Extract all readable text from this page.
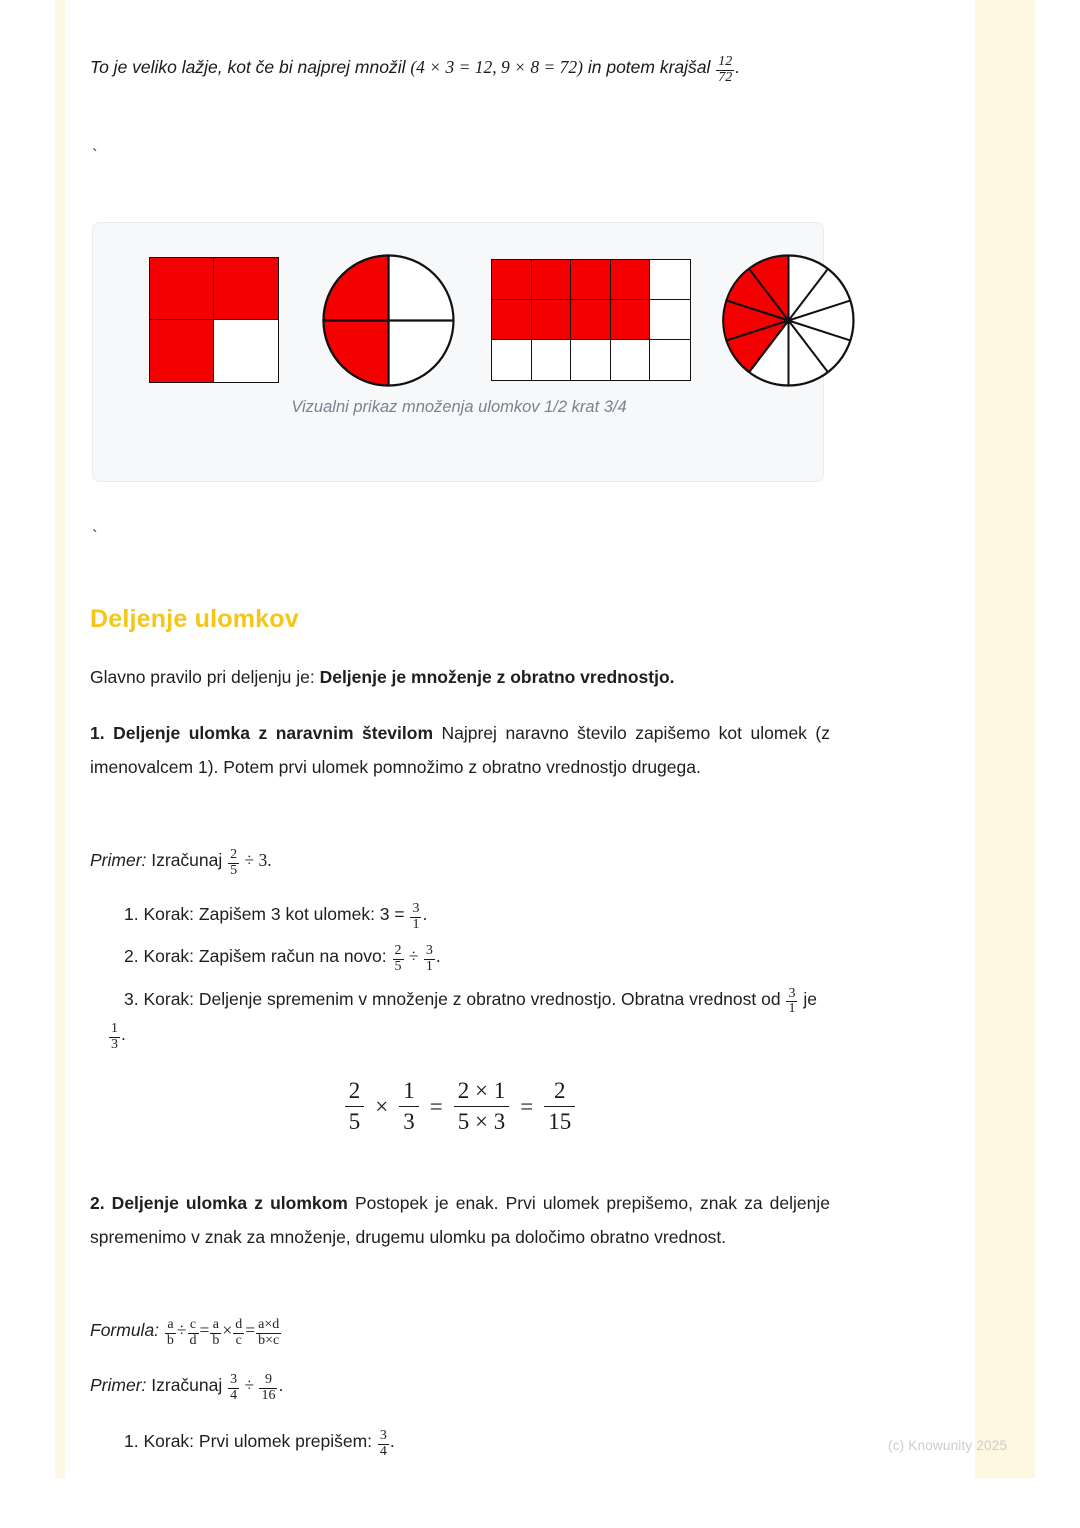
To je veliko lažje, kot če bi najprej množil (4 × 3 = 12, 9 × 8 = 72) in potem krajšal $\frac{12}{72}$ .
`
`
Vizualni prikaz množenja ulomkov 1/2 krat 3/4
Deljenje ulomkov

Glavno pravilo pri deljenju je: Deljenje je množenje z obratno vrednostjo.

1. Deljenje ulomka z naravnim številom Najprej naravno število zapišemo kot ulomek (z imenovalcem 1). Potem prvi ulomek pomnožimo z obratno vrednostjo drugega.

Primer: Izračunaj $\frac{2}{5} \div 3$.

1. Korak: Zapišem 3 kot ulomek: $3 = \frac{3}{1}$ .

2. Korak: Zapišem račun na novo: $\frac{2}{5} \div \frac{3}{1}$ .

3. Korak: Deljenje spremenim v množenje z obratno vrednostjo. Obratna vrednost od $\frac{3}{1}$ je
$\frac{1}{3}$ .

$\frac{2}{5} \times \frac{1}{3} = \frac{2 \times 1}{5 \times 3} = \frac{2}{15}$

2. Deljenje ulomka z ulomkom Postopek je enak. Prvi ulomek prepišemo, znak za deljenje spremenimo v znak za množenje, drugemu ulomku pa določimo obratno vrednost.

Formula: $\frac{a}{b} \div \frac{c}{d} = \frac{a}{b} \times \frac{d}{c} = \frac{a\times d}{b\times c}$

Primer: Izračunaj $\frac{3}{4} \div \frac{9}{16}$ .

1. Korak: Prvi ulomek prepišem: $\frac{3}{4}$ .	(c) Knowunity 2025
